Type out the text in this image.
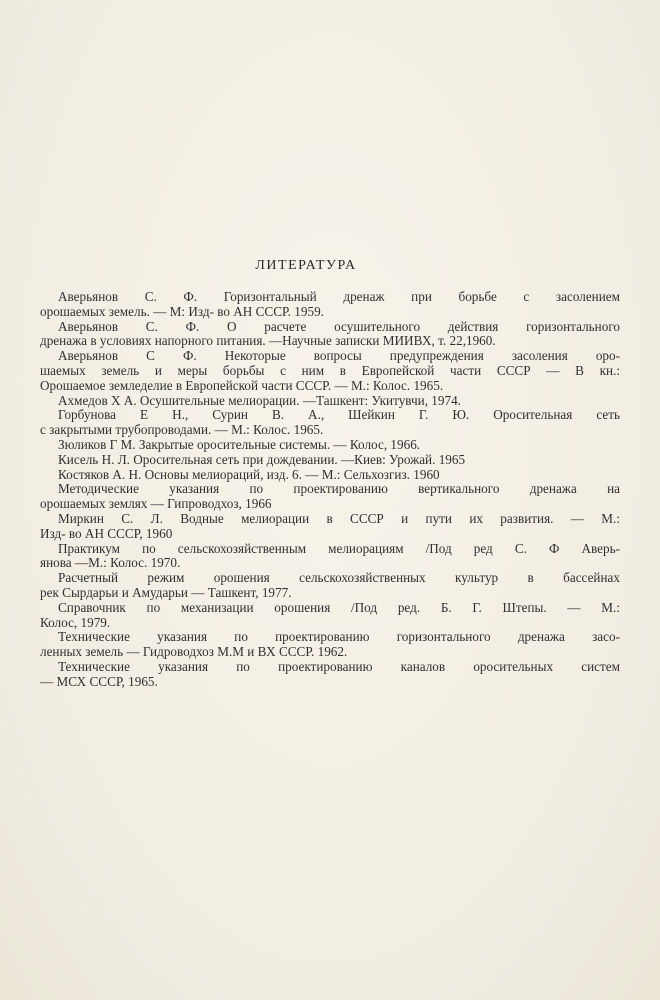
ЛИТЕРАТУРА
Аверьянов С. Ф. Горизонтальный дренаж при борьбе с засолением
орошаемых земель. — М: Изд- во АН СССР. 1959.
Аверьянов С. Ф. О расчете осушительного действия горизонтального
дренажа в условиях напорного питания. —Научные записки МИИВХ, т. 22,1960.
Аверьянов С Ф. Некоторые вопросы предупреждения засоления оро-
шаемых земель и меры борьбы с ним в Европейской части СССР — В кн.:
Орошаемое земледелие в Европейской части СССР. — М.: Колос. 1965.
Ахмедов Х А. Осушительные мелиорации. —Ташкент: Укитувчи, 1974.
Горбунова Е Н., Сурин В. А., Шейкин Г. Ю. Оросительная сеть
с закрытыми трубопроводами. — М.: Колос. 1965.
Зюликов Г М. Закрытые оросительные системы. — Колос, 1966.
Кисель Н. Л. Оросительная сеть при дождевании. —Киев: Урожай. 1965
Костяков А. Н. Основы мелиораций, изд. 6. — М.: Сельхозгиз. 1960
Методические указания по проектированию вертикального дренажа на
орошаемых землях — Гипроводхоз, 1966
Миркин С. Л. Водные мелиорации в СССР и пути их развития. — М.:
Изд- во АН СССР, 1960
Практикум по сельскохозяйственным мелиорациям /Под ред С. Ф Аверь-
янова —М.: Колос. 1970.
Расчетный режим орошения сельскохозяйственных культур в бассейнах
рек Сырдарьи и Амударьи — Ташкент, 1977.
Справочник по механизации орошения /Под ред. Б. Г. Штепы. — М.:
Колос, 1979.
Технические указания по проектированию горизонтального дренажа засо-
ленных земель — Гидроводхоз М.М и ВХ СССР. 1962.
Технические указания по проектированию каналов оросительных систем
— МСХ СССР, 1965.
